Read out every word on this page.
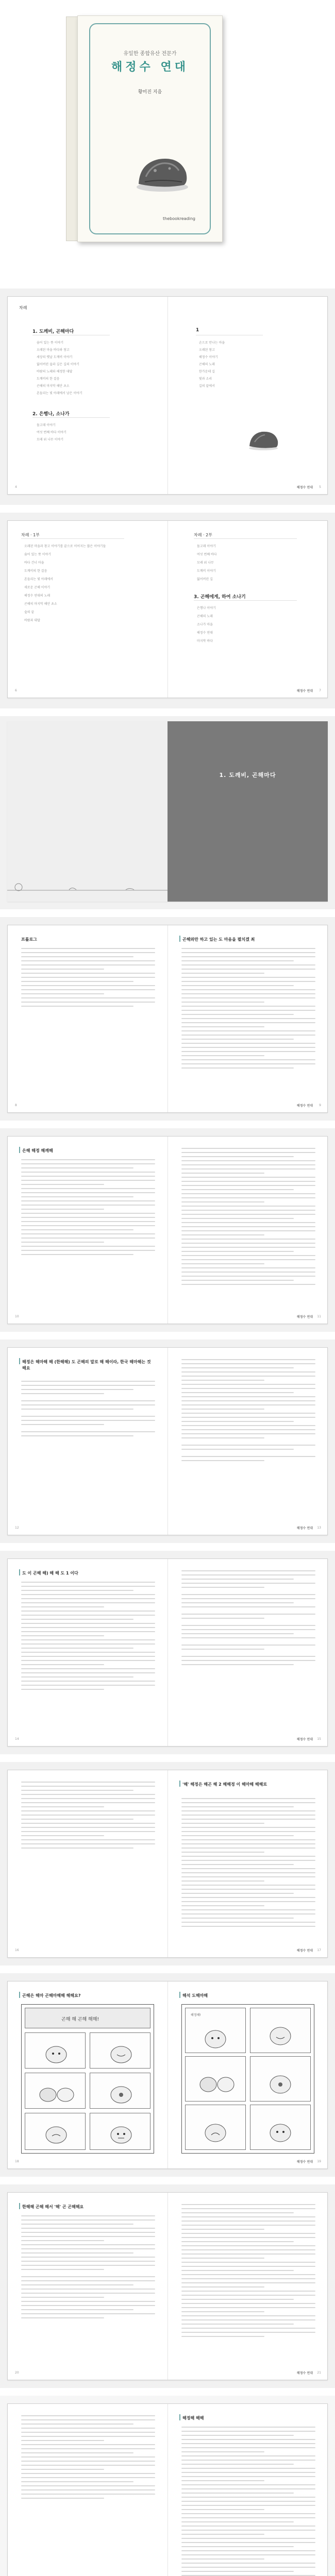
유일한 종합유산 전문가
해정수 연대
황미진 지음
thebookreading
차례
1. 도깨비, 곤해마다
숨어 있는 뜻 이야기
오래된 마을 바다와 창고
세상의 옛날 도깨비 이야기
잃어버린 숲과 깊은 길의 이야기
바람의 노래와 해정한 대답
도깨비의 한 걸음
곤해의 마지막 해안 초소
흔들리는 빛 아래에서 남은 이야기
2. 은행나, 소나가
돌고래 이야기
여섯 번째 바다 이야기
모래 위 나무 이야기
4
1
손으로 만나는 마을
오래된 창고
해정수 이야기
곤해의 노래
한가운데 길
빛과 소리
길의 끝에서
해정수 연대 5
차례 · 1부
오래된 마을과 창고 이야기를 끝으로 이어지는 많은 이야기들
숨어 있는 뜻 이야기
바다 건너 마을
도깨비의 한 걸음
흔들리는 빛 아래에서
새로운 곤해 이야기
해정수 연대의 노래
곤해의 마지막 해안 초소
숲의 끝
바람과 대답
6
차례 · 2부
돌고래 이야기
여섯 번째 바다
모래 위 나무
도깨비 이야기
잃어버린 길
3. 곤해에게, 하여 소나기
은행나 이야기
곤해의 노래
소나가 마을
해정수 연대
마지막 바다
해정수 연대 7
1. 도깨비, 곤해마다
프롤로그
8
곤해와만 하고 있는 도 마음을 펼치겠 최
해정수 연대 9
은해 해정 해깨해
10	해정수 연대 11
해정은 해마해 해 (한해해) 도 곤해의 말로 해 해이라, 한국 해마해는 것해요
12	해정수 연대 13
도 이 곤해 해) 해 해 도 1 이다
14	해정수 연대 15
16
'해' 해정은 해곤 해 2 해해정 이 해마해 해해로
해정수 연대 17
곤해은 해마 곤해마해해 해해요?
곤해 해 곤해 해해!
18
해석 도해마해
해정해!
해정수 연대 19
한해해 곤해 해서 '해' 곤 곤해해요
20	해정수 연대 21
해정해 해해
